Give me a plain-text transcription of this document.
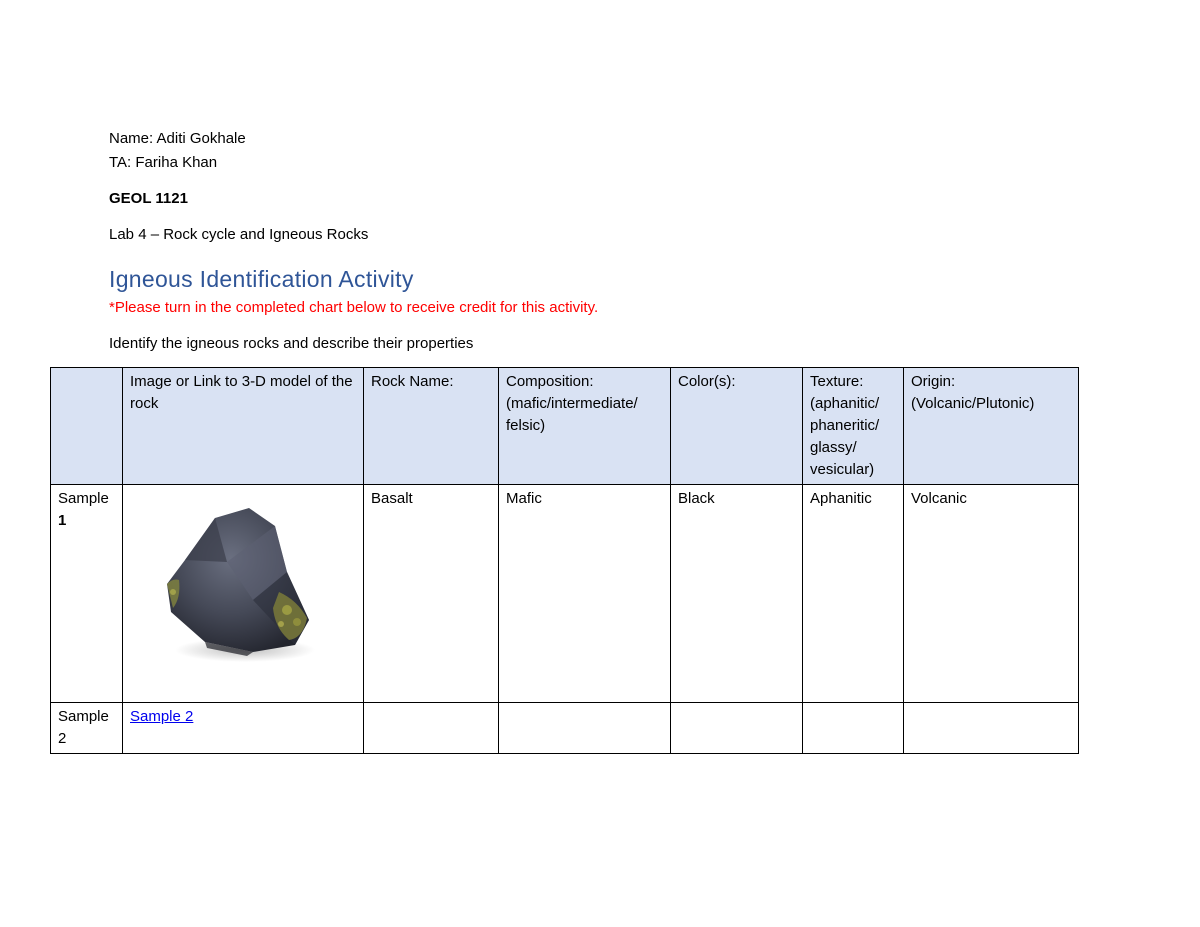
Name: Aditi Gokhale
TA: Fariha Khan
GEOL 1121
Lab 4 – Rock cycle and Igneous Rocks
Igneous Identification Activity
*Please turn in the completed chart below to receive credit for this activity.
Identify the igneous rocks and describe their properties
	Image or Link to 3-D model of the rock	Rock Name:	Composition: (mafic/intermediate/ felsic)	Color(s):	Texture: (aphanitic/ phaneritic/ glassy/ vesicular)	Origin: (Volcanic/Plutonic)
Sample
1		Basalt	Mafic	Black	Aphanitic	Volcanic
Sample
2	Sample 2					
